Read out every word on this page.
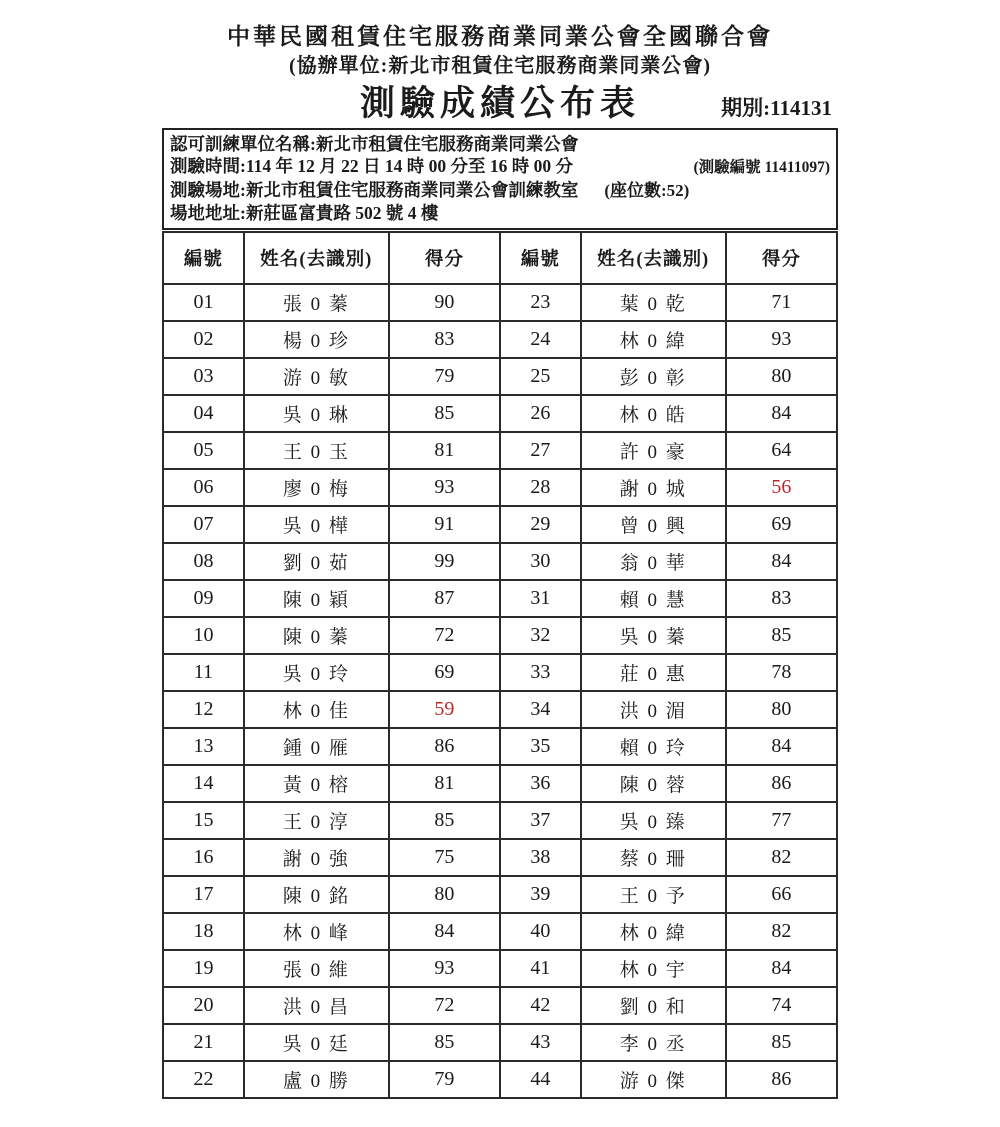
中華民國租賃住宅服務商業同業公會全國聯合會
(協辦單位:新北市租賃住宅服務商業同業公會)
測驗成績公布表	期別:114131
認可訓練單位名稱:新北市租賃住宅服務商業同業公會
測驗時間:114 年 12 月 22 日 14 時 00 分至 16 時 00 分	(測驗編號 11411097)
測驗場地:新北市租賃住宅服務商業同業公會訓練教室 (座位數:52)
場地地址:新莊區富貴路 502 號 4 樓
編號	姓名(去識別)	得分	編號	姓名(去識別)	得分
01	張 0 蓁	90	23	葉 0 乾	71
02	楊 0 珍	83	24	林 0 緯	93
03	游 0 敏	79	25	彭 0 彰	80
04	吳 0 琳	85	26	林 0 皓	84
05	王 0 玉	81	27	許 0 豪	64
06	廖 0 梅	93	28	謝 0 城	56
07	吳 0 樺	91	29	曾 0 興	69
08	劉 0 茹	99	30	翁 0 華	84
09	陳 0 穎	87	31	賴 0 慧	83
10	陳 0 蓁	72	32	吳 0 蓁	85
11	吳 0 玲	69	33	莊 0 惠	78
12	林 0 佳	59	34	洪 0 湄	80
13	鍾 0 雁	86	35	賴 0 玲	84
14	黃 0 榕	81	36	陳 0 蓉	86
15	王 0 淳	85	37	吳 0 臻	77
16	謝 0 強	75	38	蔡 0 珊	82
17	陳 0 銘	80	39	王 0 予	66
18	林 0 峰	84	40	林 0 緯	82
19	張 0 維	93	41	林 0 宇	84
20	洪 0 昌	72	42	劉 0 和	74
21	吳 0 廷	85	43	李 0 丞	85
22	盧 0 勝	79	44	游 0 傑	86
